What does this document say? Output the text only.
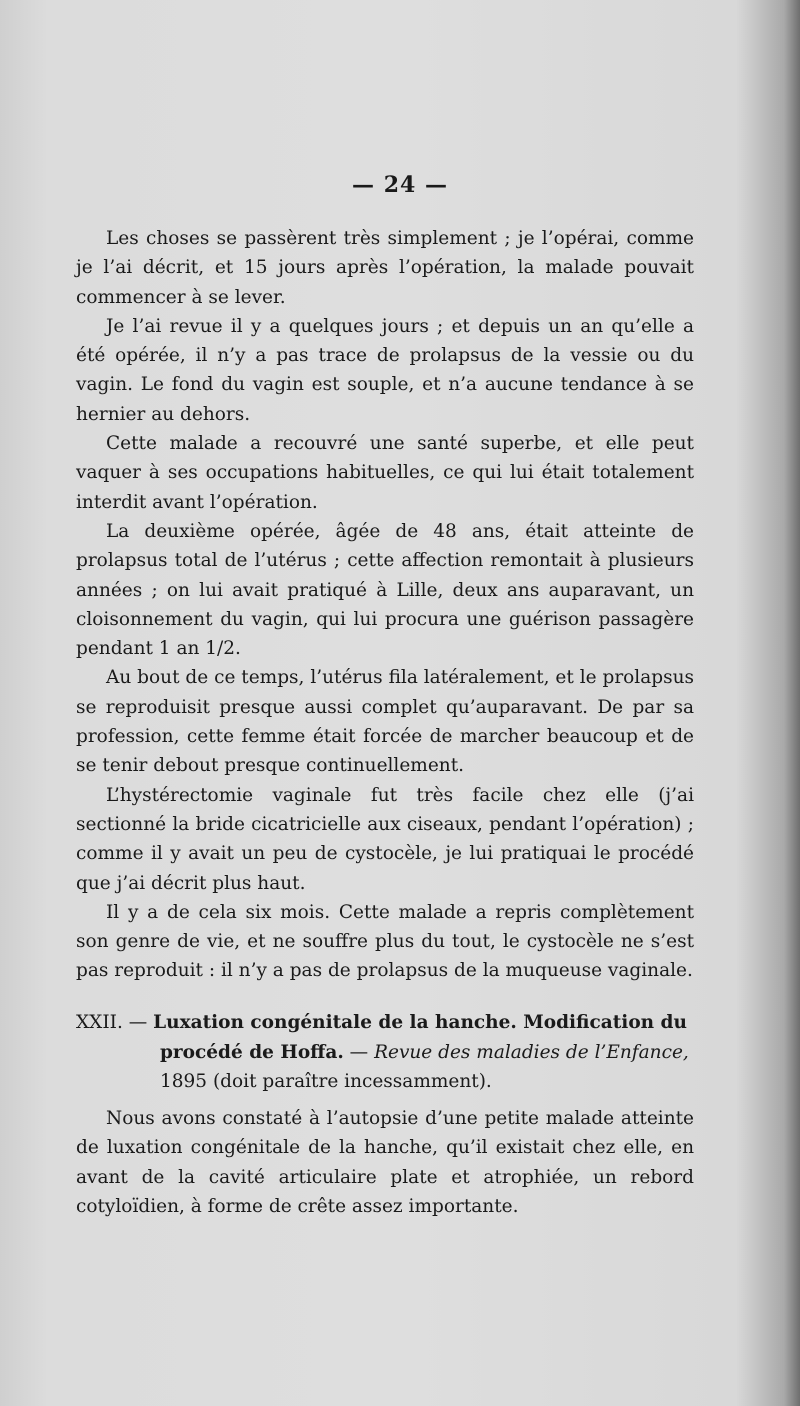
— 24 —

Les choses se passèrent très simplement ; je l’opérai, comme je l’ai décrit, et 15 jours après l’opération, la malade pouvait commencer à se lever.

Je l’ai revue il y a quelques jours ; et depuis un an qu’elle a été opérée, il n’y a pas trace de prolapsus de la vessie ou du vagin. Le fond du vagin est souple, et n’a aucune tendance à se hernier au dehors.

Cette malade a recouvré une santé superbe, et elle peut vaquer à ses occupations habituelles, ce qui lui était totalement interdit avant l’opération.

La deuxième opérée, âgée de 48 ans, était atteinte de prolapsus total de l’utérus ; cette affection remontait à plusieurs années ; on lui avait pratiqué à Lille, deux ans auparavant, un cloisonnement du vagin, qui lui procura une guérison passagère pendant 1 an 1/2.

Au bout de ce temps, l’utérus fila latéralement, et le prolapsus se reproduisit presque aussi complet qu’auparavant. De par sa profession, cette femme était forcée de marcher beaucoup et de se tenir debout presque continuellement.

L’hystérectomie vaginale fut très facile chez elle (j’ai sectionné la bride cicatricielle aux ciseaux, pendant l’opération) ; comme il y avait un peu de cystocèle, je lui pratiquai le procédé que j’ai décrit plus haut.

Il y a de cela six mois. Cette malade a repris complètement son genre de vie, et ne souffre plus du tout, le cystocèle ne s’est pas reproduit : il n’y a pas de prolapsus de la muqueuse vaginale.

XXII. — Luxation congénitale de la hanche. Modification du
procédé de Hoffa. — Revue des maladies de l’Enfance,
1895 (doit paraître incessamment).

Nous avons constaté à l’autopsie d’une petite malade atteinte de luxation congénitale de la hanche, qu’il existait chez elle, en avant de la cavité articulaire plate et atrophiée, un rebord cotyloïdien, à forme de crête assez importante.
